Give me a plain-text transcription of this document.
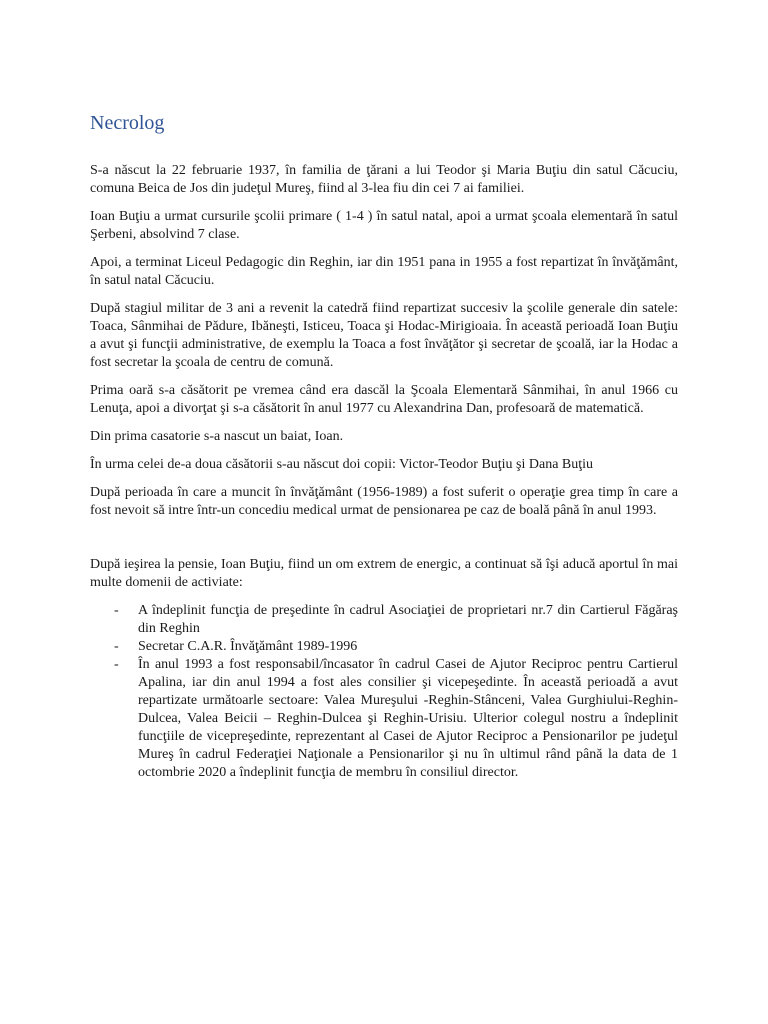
Necrolog

S-a născut la 22 februarie 1937, în familia de ţărani a lui Teodor şi Maria Buţiu din satul Căcuciu, comuna Beica de Jos din judeţul Mureş, fiind al 3-lea fiu din cei 7 ai familiei.

Ioan Buţiu a urmat cursurile şcolii primare ( 1-4 ) în satul natal, apoi a urmat şcoala elementară în satul Şerbeni, absolvind 7 clase.

Apoi, a terminat Liceul Pedagogic din Reghin, iar din 1951 pana in 1955 a fost repartizat în învăţământ, în satul natal Căcuciu.

După stagiul militar de 3 ani a revenit la catedră fiind repartizat succesiv la şcolile generale din satele: Toaca, Sânmihai de Pădure, Ibăneşti, Isticeu, Toaca şi Hodac-Mirigioaia. În această perioadă Ioan Buţiu a avut şi funcţii administrative, de exemplu la Toaca a fost învăţător şi secretar de şcoală, iar la Hodac a fost secretar la şcoala de centru de comună.

Prima oară s-a căsătorit pe vremea când era dascăl la Şcoala Elementară Sânmihai, în anul 1966 cu Lenuţa, apoi a divorţat şi s-a căsătorit în anul 1977 cu Alexandrina Dan, profesoară de matematică.

Din prima casatorie s-a nascut un baiat, Ioan.

În urma celei de-a doua căsătorii s-au născut doi copii: Victor-Teodor Buţiu şi Dana Buţiu

După perioada în care a muncit în învăţământ (1956-1989) a fost suferit o operaţie grea timp în care a fost nevoit să intre într-un concediu medical urmat de pensionarea pe caz de boală până în anul 1993.

După ieşirea la pensie, Ioan Buţiu, fiind un om extrem de energic, a continuat să îşi aducă aportul în mai multe domenii de activiate:

- A îndeplinit funcţia de preşedinte în cadrul Asociaţiei de proprietari nr.7 din Cartierul Făgăraş din Reghin
- Secretar C.A.R. Învăţământ 1989-1996
- În anul 1993 a fost responsabil/încasator în cadrul Casei de Ajutor Reciproc pentru Cartierul Apalina, iar din anul 1994 a fost ales consilier şi vicepeşedinte. În această perioadă a avut repartizate următoarle sectoare: Valea Mureşului -Reghin-Stânceni, Valea Gurghiului-Reghin-Dulcea, Valea Beicii – Reghin-Dulcea şi Reghin-Urisiu. Ulterior colegul nostru a îndeplinit funcţiile de vicepreşedinte, reprezentant al Casei de Ajutor Reciproc a Pensionarilor pe judeţul Mureş în cadrul Federaţiei Naţionale a Pensionarilor şi nu în ultimul rând până la data de 1 octombrie 2020 a îndeplinit funcţia de membru în consiliul director.
